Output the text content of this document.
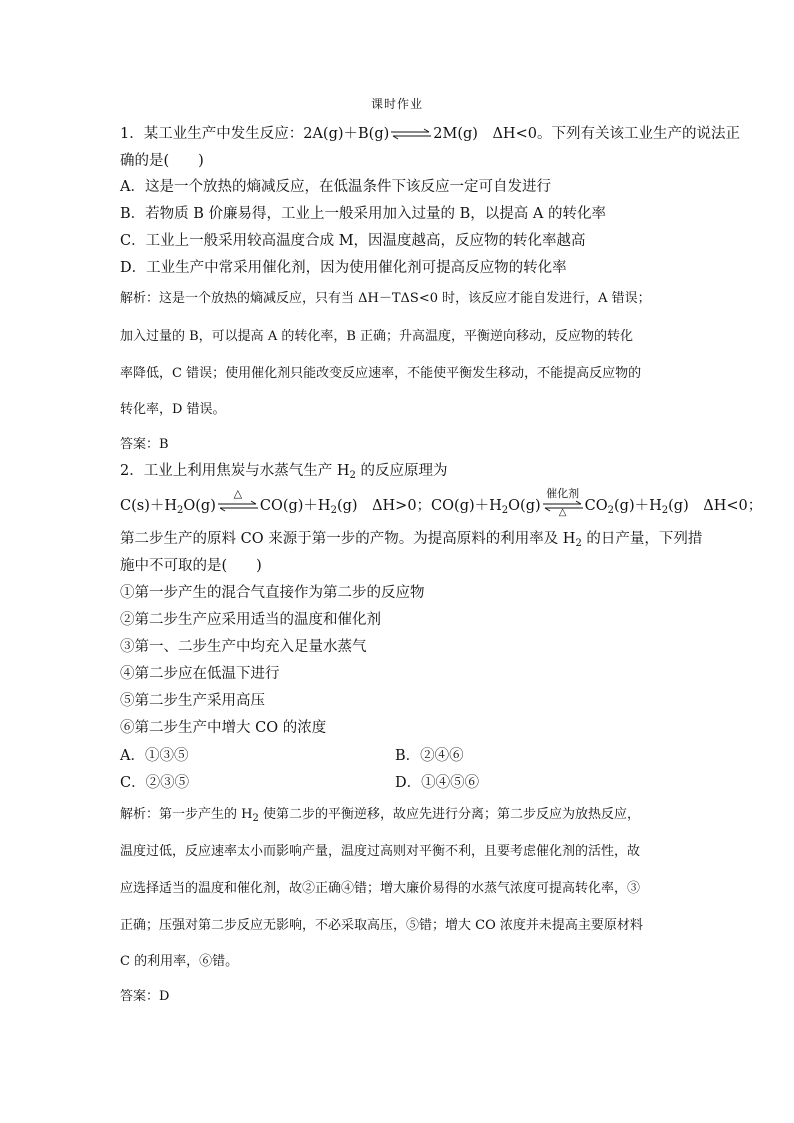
课时作业
1．某工业生产中发生反应：2A(g)＋B(g)⇌2M(g)　ΔH<0。下列有关该工业生产的说法正
确的是(　　)
A．这是一个放热的熵减反应，在低温条件下该反应一定可自发进行
B．若物质 B 价廉易得，工业上一般采用加入过量的 B，以提高 A 的转化率
C．工业上一般采用较高温度合成 M，因温度越高，反应物的转化率越高
D．工业生产中常采用催化剂，因为使用催化剂可提高反应物的转化率
解析：这是一个放热的熵减反应，只有当 ΔH－TΔS<0 时，该反应才能自发进行，A 错误；
加入过量的 B，可以提高 A 的转化率，B 正确；升高温度，平衡逆向移动，反应物的转化
率降低，C 错误；使用催化剂只能改变反应速率，不能使平衡发生移动，不能提高反应物的
转化率，D 错误。
答案：B
2．工业上利用焦炭与水蒸气生产 $H_2$ 的反应原理为
$C(s)+H_2O(g)$
△
$CO(g)+H_2(g)$　ΔH>0；$CO(g)+H_2O(g)$
催化剂
△	$CO_2(g)+H_2(g)$　ΔH<0；
第二步生产的原料 CO 来源于第一步的产物。为提高原料的利用率及 $H_2$ 的日产量，下列措
施中不可取的是(　　)
①第一步产生的混合气直接作为第二步的反应物
②第二步生产应采用适当的温度和催化剂
③第一、二步生产中均充入足量水蒸气
④第二步应在低温下进行
⑤第二步生产采用高压
⑥第二步生产中增大 CO 的浓度
A．①③⑤	B．②④⑥
C．②③⑤	D．①④⑤⑥
解析：第一步产生的 $H_2$ 使第二步的平衡逆移，故应先进行分离；第二步反应为放热反应，
温度过低，反应速率太小而影响产量，温度过高则对平衡不利，且要考虑催化剂的活性，故
应选择适当的温度和催化剂，故②正确④错；增大廉价易得的水蒸气浓度可提高转化率，③
正确；压强对第二步反应无影响，不必采取高压，⑤错；增大 CO 浓度并未提高主要原材料
C 的利用率，⑥错。
答案：D
